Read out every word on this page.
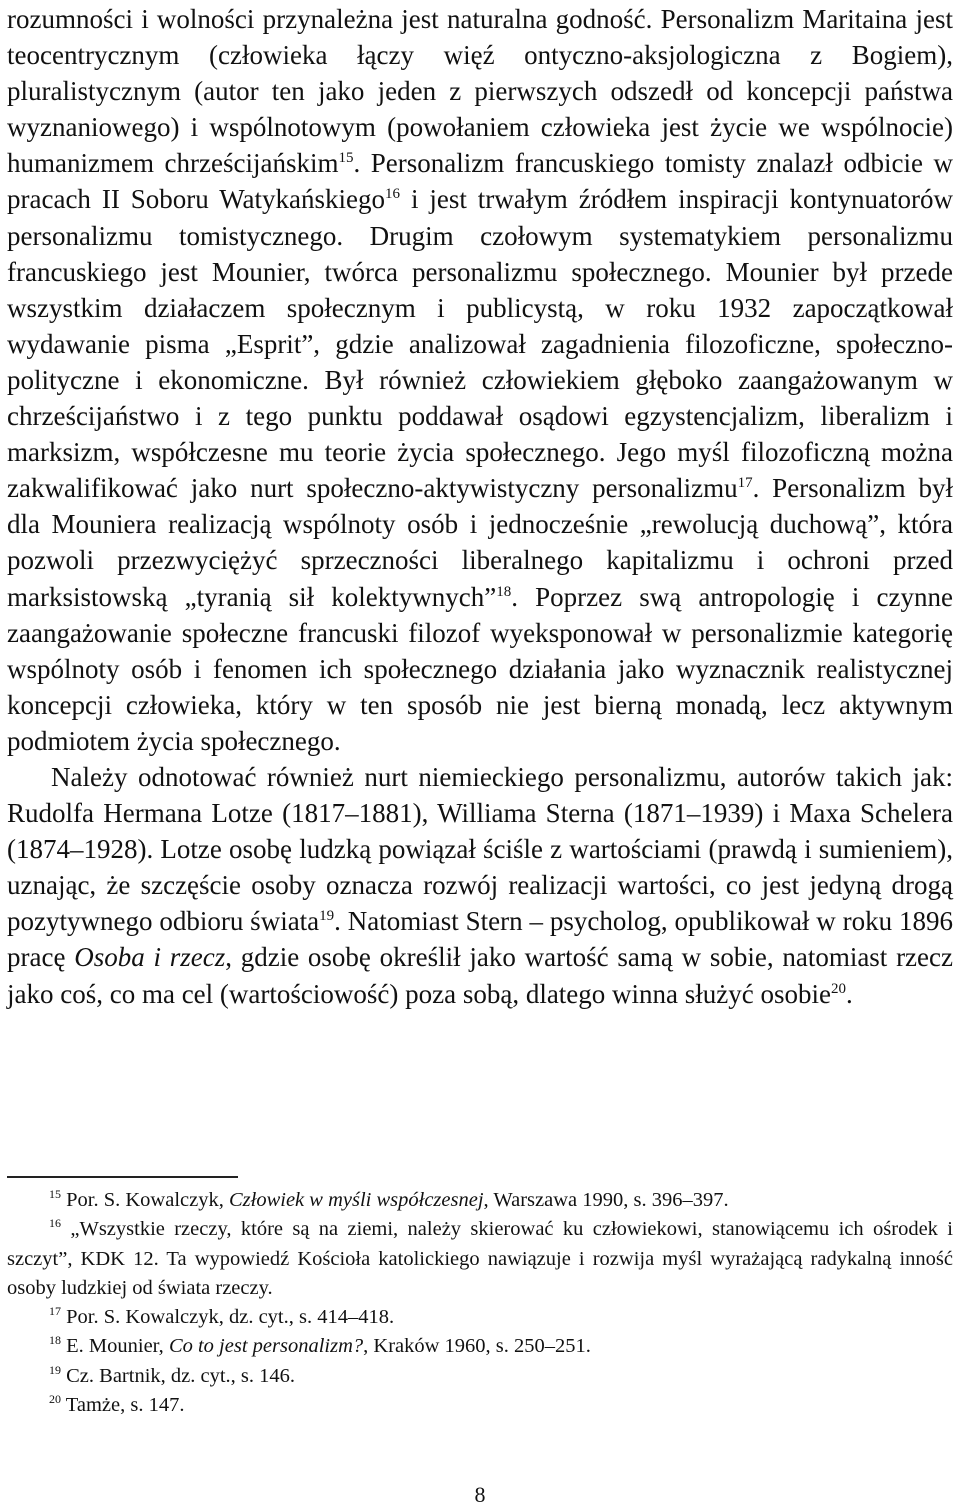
rozumności i wolności przynależna jest naturalna godność. Personalizm Maritaina jest teocentrycznym (człowieka łączy więź ontyczno-aksjologiczna z Bogiem), pluralistycznym (autor ten jako jeden z pierwszych odszedł od koncepcji państwa wyznaniowego) i wspólnotowym (powołaniem człowieka jest życie we wspólnocie) humanizmem chrześcijańskim$^{15}$. Personalizm francuskiego tomisty znalazł odbicie w pracach II Soboru Watykańskiego$^{16}$ i jest trwałym źródłem inspiracji kontynuatorów personalizmu tomistycznego. Drugim czołowym systematykiem personalizmu francuskiego jest Mounier, twórca personalizmu społecznego. Mounier był przede wszystkim działaczem społecznym i publicystą, w roku 1932 zapoczątkował wydawanie pisma „Esprit”, gdzie analizował zagadnienia filozoficzne, społeczno-polityczne i ekonomiczne. Był również człowiekiem głęboko zaangażowanym w chrześcijaństwo i z tego punktu poddawał osądowi egzystencjalizm, liberalizm i marksizm, współczesne mu teorie życia społecznego. Jego myśl filozoficzną można zakwalifikować jako nurt społeczno-aktywistyczny personalizmu$^{17}$. Personalizm był dla Mouniera realizacją wspólnoty osób i jednocześnie „rewolucją duchową”, która pozwoli przezwyciężyć sprzeczności liberalnego kapitalizmu i ochroni przed marksistowską „tyranią sił kolektywnych”$^{18}$. Poprzez swą antropologię i czynne zaangażowanie społeczne francuski filozof wyeksponował w personalizmie kategorię wspólnoty osób i fenomen ich społecznego działania jako wyznacznik realistycznej koncepcji człowieka, który w ten sposób nie jest bierną monadą, lecz aktywnym podmiotem życia społecznego.

Należy odnotować również nurt niemieckiego personalizmu, autorów takich jak: Rudolfa Hermana Lotze (1817–1881), Williama Sterna (1871–1939) i Maxa Schelera (1874–1928). Lotze osobę ludzką powiązał ściśle z wartościami (prawdą i sumieniem), uznając, że szczęście osoby oznacza rozwój realizacji wartości, co jest jedyną drogą pozytywnego odbioru świata$^{19}$. Natomiast Stern – psycholog, opublikował w roku 1896 pracę Osoba i rzecz, gdzie osobę określił jako wartość samą w sobie, natomiast rzecz jako coś, co ma cel (wartościowość) poza sobą, dlatego winna służyć osobie$^{20}$.

$^{15}$ Por. S. Kowalczyk, Człowiek w myśli współczesnej, Warszawa 1990, s. 396–397.

$^{16}$ „Wszystkie rzeczy, które są na ziemi, należy skierować ku człowiekowi, stanowiącemu ich ośrodek i szczyt”, KDK 12. Ta wypowiedź Kościoła katolickiego nawiązuje i rozwija myśl wyrażającą radykalną inność osoby ludzkiej od świata rzeczy.

$^{17}$ Por. S. Kowalczyk, dz. cyt., s. 414–418.

$^{18}$ E. Mounier, Co to jest personalizm?, Kraków 1960, s. 250–251.

$^{19}$ Cz. Bartnik, dz. cyt., s. 146.

$^{20}$ Tamże, s. 147.

8
